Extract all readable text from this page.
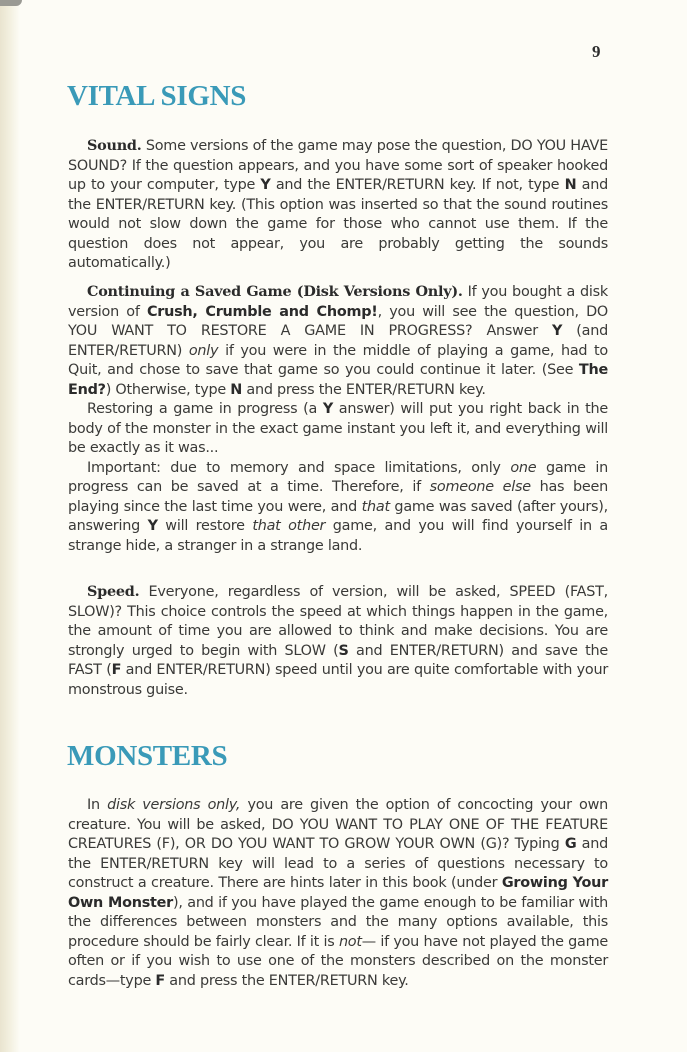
9
VITAL SIGNS

Sound. Some versions of the game may pose the question, DO YOU HAVE SOUND? If the question appears, and you have some sort of speaker hooked up to your computer, type Y and the ENTER/RETURN key. If not, type N and the ENTER/RETURN key. (This option was inserted so that the sound routines would not slow down the game for those who cannot use them. If the question does not appear, you are probably getting the sounds automatically.)

Continuing a Saved Game (Disk Versions Only). If you bought a disk version of Crush, Crumble and Chomp!, you will see the question, DO YOU WANT TO RESTORE A GAME IN PROGRESS? Answer Y (and ENTER/RETURN) only if you were in the middle of playing a game, had to Quit, and chose to save that game so you could continue it later. (See The End?) Otherwise, type N and press the ENTER/RETURN key.

Restoring a game in progress (a Y answer) will put you right back in the body of the monster in the exact game instant you left it, and everything will be exactly as it was...

Important: due to memory and space limitations, only one game in progress can be saved at a time. Therefore, if someone else has been playing since the last time you were, and that game was saved (after yours), answering Y will restore that other game, and you will find yourself in a strange hide, a stranger in a strange land.

Speed. Everyone, regardless of version, will be asked, SPEED (FAST, SLOW)? This choice controls the speed at which things happen in the game, the amount of time you are allowed to think and make decisions. You are strongly urged to begin with SLOW (S and ENTER/RETURN) and save the FAST (F and ENTER/RETURN) speed until you are quite comfortable with your monstrous guise.

MONSTERS

In disk versions only, you are given the option of concocting your own creature. You will be asked, DO YOU WANT TO PLAY ONE OF THE FEATURE CREATURES (F), OR DO YOU WANT TO GROW YOUR OWN (G)? Typing G and the ENTER/RETURN key will lead to a series of questions necessary to construct a creature. There are hints later in this book (under Growing Your Own Monster), and if you have played the game enough to be familiar with the differences between monsters and the many options available, this procedure should be fairly clear. If it is not— if you have not played the game often or if you wish to use one of the monsters described on the monster cards—type F and press the ENTER/RETURN key.
